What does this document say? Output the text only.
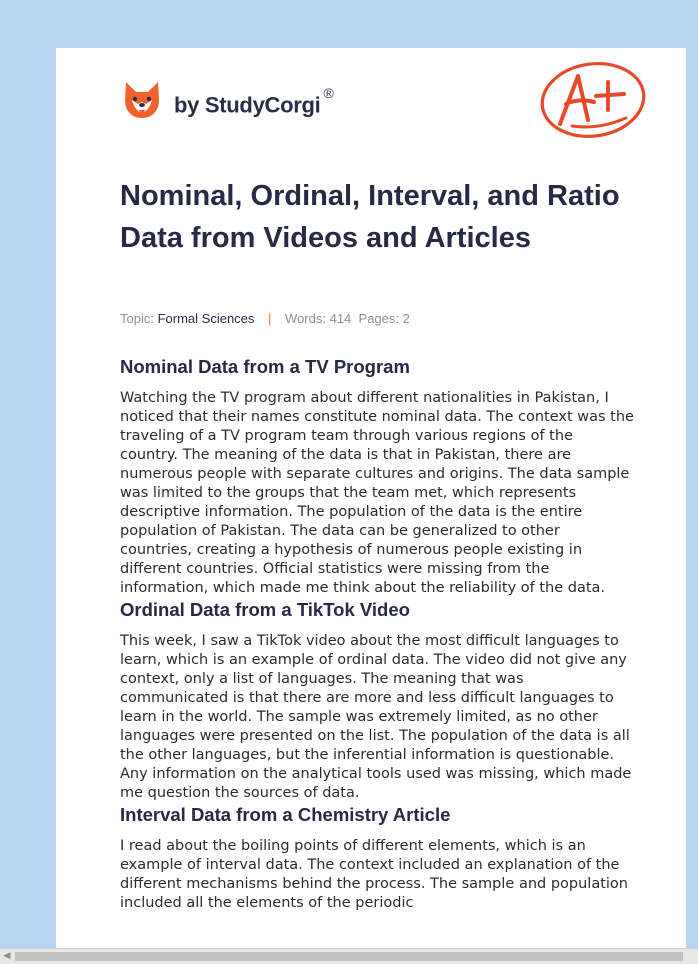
by StudyCorgi ®
Nominal, Ordinal, Interval, and Ratio Data from Videos and Articles
Topic: Formal Sciences | Words: 414 Pages: 2
Nominal Data from a TV Program

Watching the TV program about different nationalities in Pakistan, I noticed that their names constitute nominal data. The context was the traveling of a TV program team through various regions of the country. The meaning of the data is that in Pakistan, there are numerous people with separate cultures and origins. The data sample was limited to the groups that the team met, which represents descriptive information. The population of the data is the entire population of Pakistan. The data can be generalized to other countries, creating a hypothesis of numerous people existing in different countries. Official statistics were missing from the information, which made me think about the reliability of the data.

Ordinal Data from a TikTok Video

This week, I saw a TikTok video about the most difficult languages to learn, which is an example of ordinal data. The video did not give any context, only a list of languages. The meaning that was communicated is that there are more and less difficult languages to learn in the world. The sample was extremely limited, as no other languages were presented on the list. The population of the data is all the other languages, but the inferential information is questionable. Any information on the analytical tools used was missing, which made me question the sources of data.

Interval Data from a Chemistry Article

I read about the boiling points of different elements, which is an example of interval data. The context included an explanation of the different mechanisms behind the process. The sample and population included all the elements of the periodic

◀
